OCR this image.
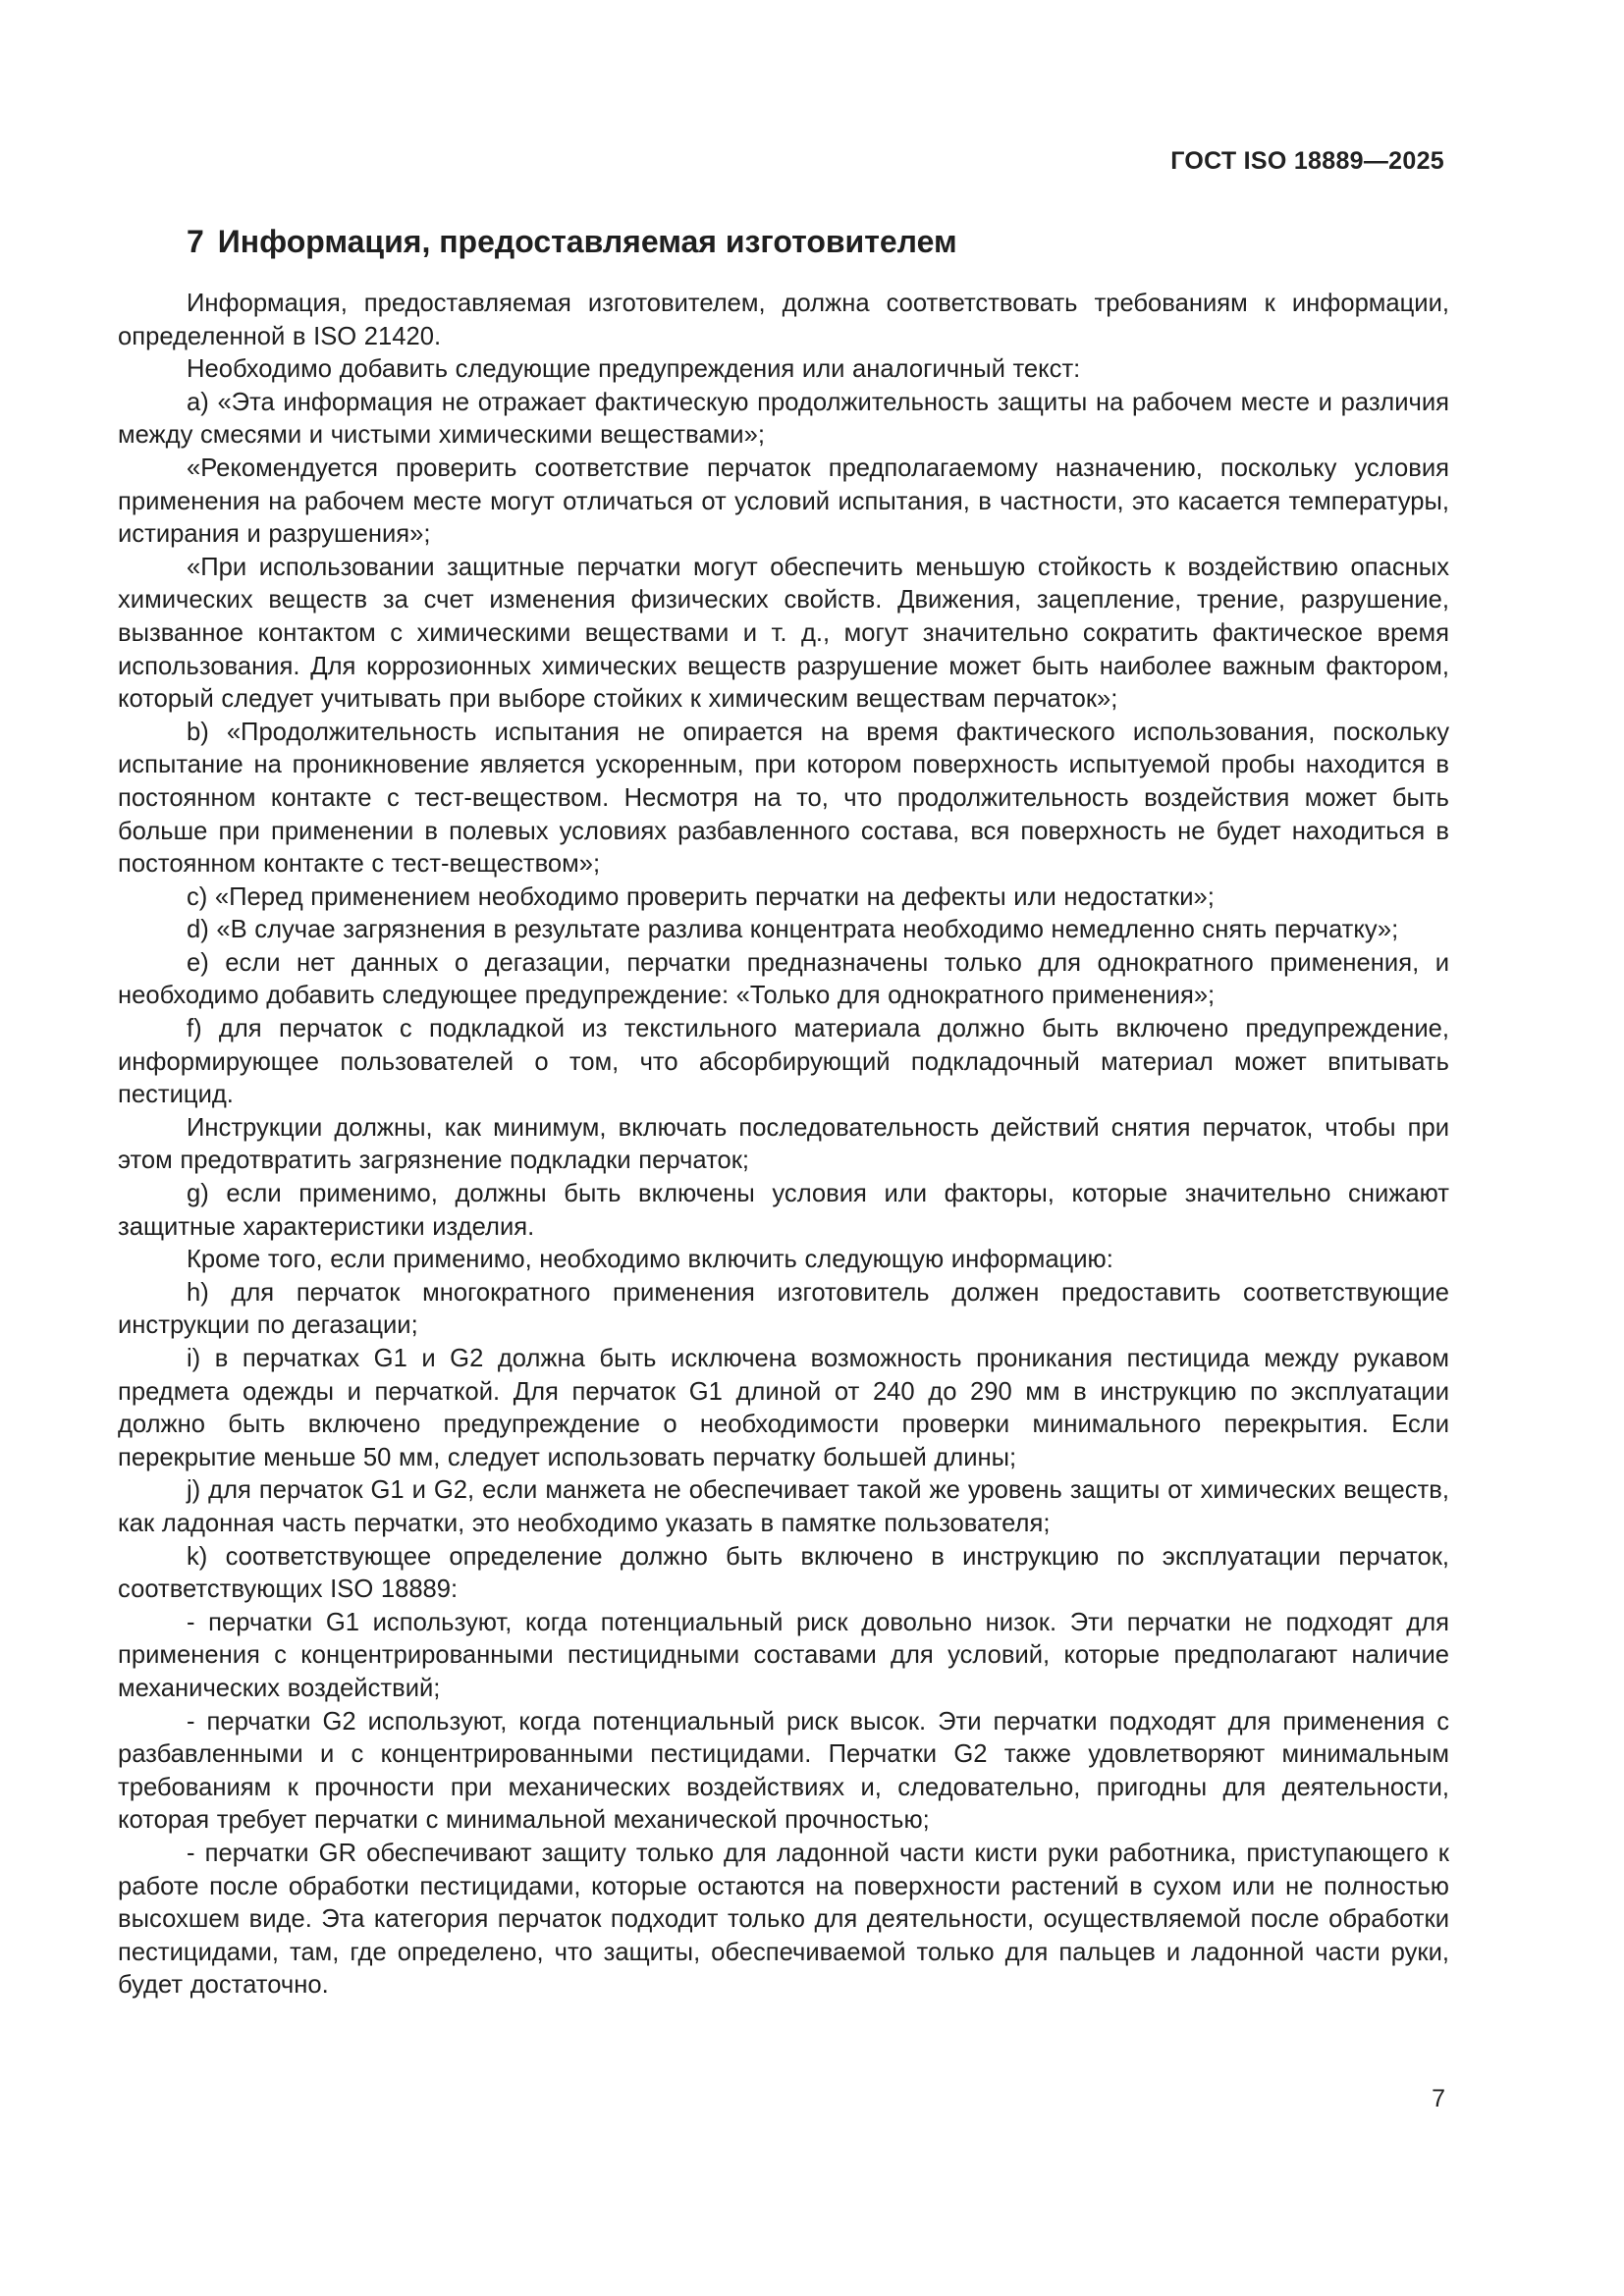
ГОСТ ISO 18889—2025
7 Информация, предоставляемая изготовителем

Информация, предоставляемая изготовителем, должна соответствовать требованиям к информации, определенной в ISO 21420.

Необходимо добавить следующие предупреждения или аналогичный текст:

a) «Эта информация не отражает фактическую продолжительность защиты на рабочем месте и различия между смесями и чистыми химическими веществами»;

«Рекомендуется проверить соответствие перчаток предполагаемому назначению, поскольку условия применения на рабочем месте могут отличаться от условий испытания, в частности, это касается температуры, истирания и разрушения»;

«При использовании защитные перчатки могут обеспечить меньшую стойкость к воздействию опасных химических веществ за счет изменения физических свойств. Движения, зацепление, трение, разрушение, вызванное контактом с химическими веществами и т. д., могут значительно сократить фактическое время использования. Для коррозионных химических веществ разрушение может быть наиболее важным фактором, который следует учитывать при выборе стойких к химическим веществам перчаток»;

b) «Продолжительность испытания не опирается на время фактического использования, поскольку испытание на проникновение является ускоренным, при котором поверхность испытуемой пробы находится в постоянном контакте с тест-веществом. Несмотря на то, что продолжительность воздействия может быть больше при применении в полевых условиях разбавленного состава, вся поверхность не будет находиться в постоянном контакте с тест-веществом»;

c) «Перед применением необходимо проверить перчатки на дефекты или недостатки»;

d) «В случае загрязнения в результате разлива концентрата необходимо немедленно снять перчатку»;

e) если нет данных о дегазации, перчатки предназначены только для однократного применения, и необходимо добавить следующее предупреждение: «Только для однократного применения»;

f) для перчаток с подкладкой из текстильного материала должно быть включено предупреждение, информирующее пользователей о том, что абсорбирующий подкладочный материал может впитывать пестицид.

Инструкции должны, как минимум, включать последовательность действий снятия перчаток, чтобы при этом предотвратить загрязнение подкладки перчаток;

g) если применимо, должны быть включены условия или факторы, которые значительно снижают защитные характеристики изделия.

Кроме того, если применимо, необходимо включить следующую информацию:

h) для перчаток многократного применения изготовитель должен предоставить соответствующие инструкции по дегазации;

i) в перчатках G1 и G2 должна быть исключена возможность проникания пестицида между рукавом предмета одежды и перчаткой. Для перчаток G1 длиной от 240 до 290 мм в инструкцию по эксплуатации должно быть включено предупреждение о необходимости проверки минимального перекрытия. Если перекрытие меньше 50 мм, следует использовать перчатку большей длины;

j) для перчаток G1 и G2, если манжета не обеспечивает такой же уровень защиты от химических веществ, как ладонная часть перчатки, это необходимо указать в памятке пользователя;

k) соответствующее определение должно быть включено в инструкцию по эксплуатации перчаток, соответствующих ISO 18889:

- перчатки G1 используют, когда потенциальный риск довольно низок. Эти перчатки не подходят для применения с концентрированными пестицидными составами для условий, которые предполагают наличие механических воздействий;

- перчатки G2 используют, когда потенциальный риск высок. Эти перчатки подходят для применения с разбавленными и с концентрированными пестицидами. Перчатки G2 также удовлетворяют минимальным требованиям к прочности при механических воздействиях и, следовательно, пригодны для деятельности, которая требует перчатки с минимальной механической прочностью;

- перчатки GR обеспечивают защиту только для ладонной части кисти руки работника, приступающего к работе после обработки пестицидами, которые остаются на поверхности растений в сухом или не полностью высохшем виде. Эта категория перчаток подходит только для деятельности, осуществляемой после обработки пестицидами, там, где определено, что защиты, обеспечиваемой только для пальцев и ладонной части руки, будет достаточно.

7
